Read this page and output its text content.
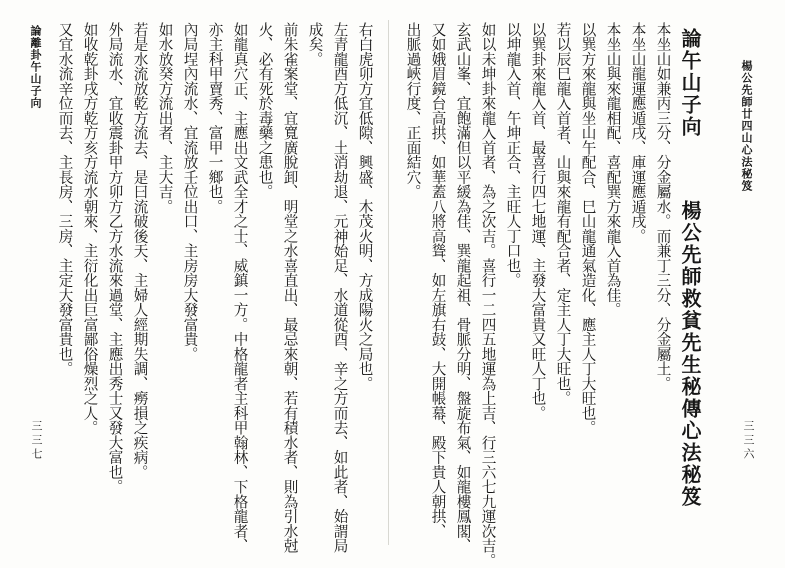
楊公先師廿四山心法秘笈
論午山子向
楊公先師救貧先生秘傳心法秘笈
本坐山如兼丙三分、分金屬水。而兼丁三分、分金屬土。
本坐山龍運應遁戌、庫運應遁戌。
本坐山與來龍相配、喜配巽方來龍入首為佳。
以巽方來龍與坐山午配合、巳山龍通氣造化、應主人丁大旺也。
若以辰巳龍入首者、山與來龍有配合者、定主人丁大旺也。
以巽卦來龍入首、最喜行四七地運、主發大富貴又旺人丁也。
以坤龍入首、午坤正合、主旺人丁口也。
如以未坤卦來龍入首者、為之次吉。喜行一二四五地運為上吉、行三六七九運次吉。
玄武山峯、宜飽滿但以平緩為佳、巽龍起祖、骨脈分明、盤旋布氣、如龍樓鳳閣、
又如娥眉鏡台高拱、如華蓋八將高聳、如左旗右鼓、大開帳幕、殿下貴人朝拱、
出脈過峽行度、正面結穴。
三三六
右白虎卯方宜低隙、興盛、木茂火明、方成陽火之局也。
左青龍酉方低沉、土消劫退、元神始足、水道從酉、辛之方而去、如此者、始謂局
成矣。
前朱雀案堂、宜寬廣脫卸、明堂之水喜直出、最忌來朝、若有積水者、則為引水尅
火、必有死於毒藥之患也。
如龍真穴正、主應出文武全才之士、威鎮一方。中格龍者主科甲翰林、下格龍者、
亦主科甲賣秀、富甲一鄉也。
內局埕內流水、宜流放壬位出口、主房房大發富貴。
如水放癸方流出者、主大吉。
若是水流放乾方流去、是曰流破後天、主婦人經期失調、癆損之疾病。
外局流水、宜收震卦甲方卯方乙方水流來過堂、主應出秀士又發大富也。
如收乾卦戌方乾方亥方流水朝來、主衍化出巨富鄙俗燥烈之人。
又宜水流辛位而去、主長房、三房、主定大發富貴也。
論離卦午山子向
三三七
